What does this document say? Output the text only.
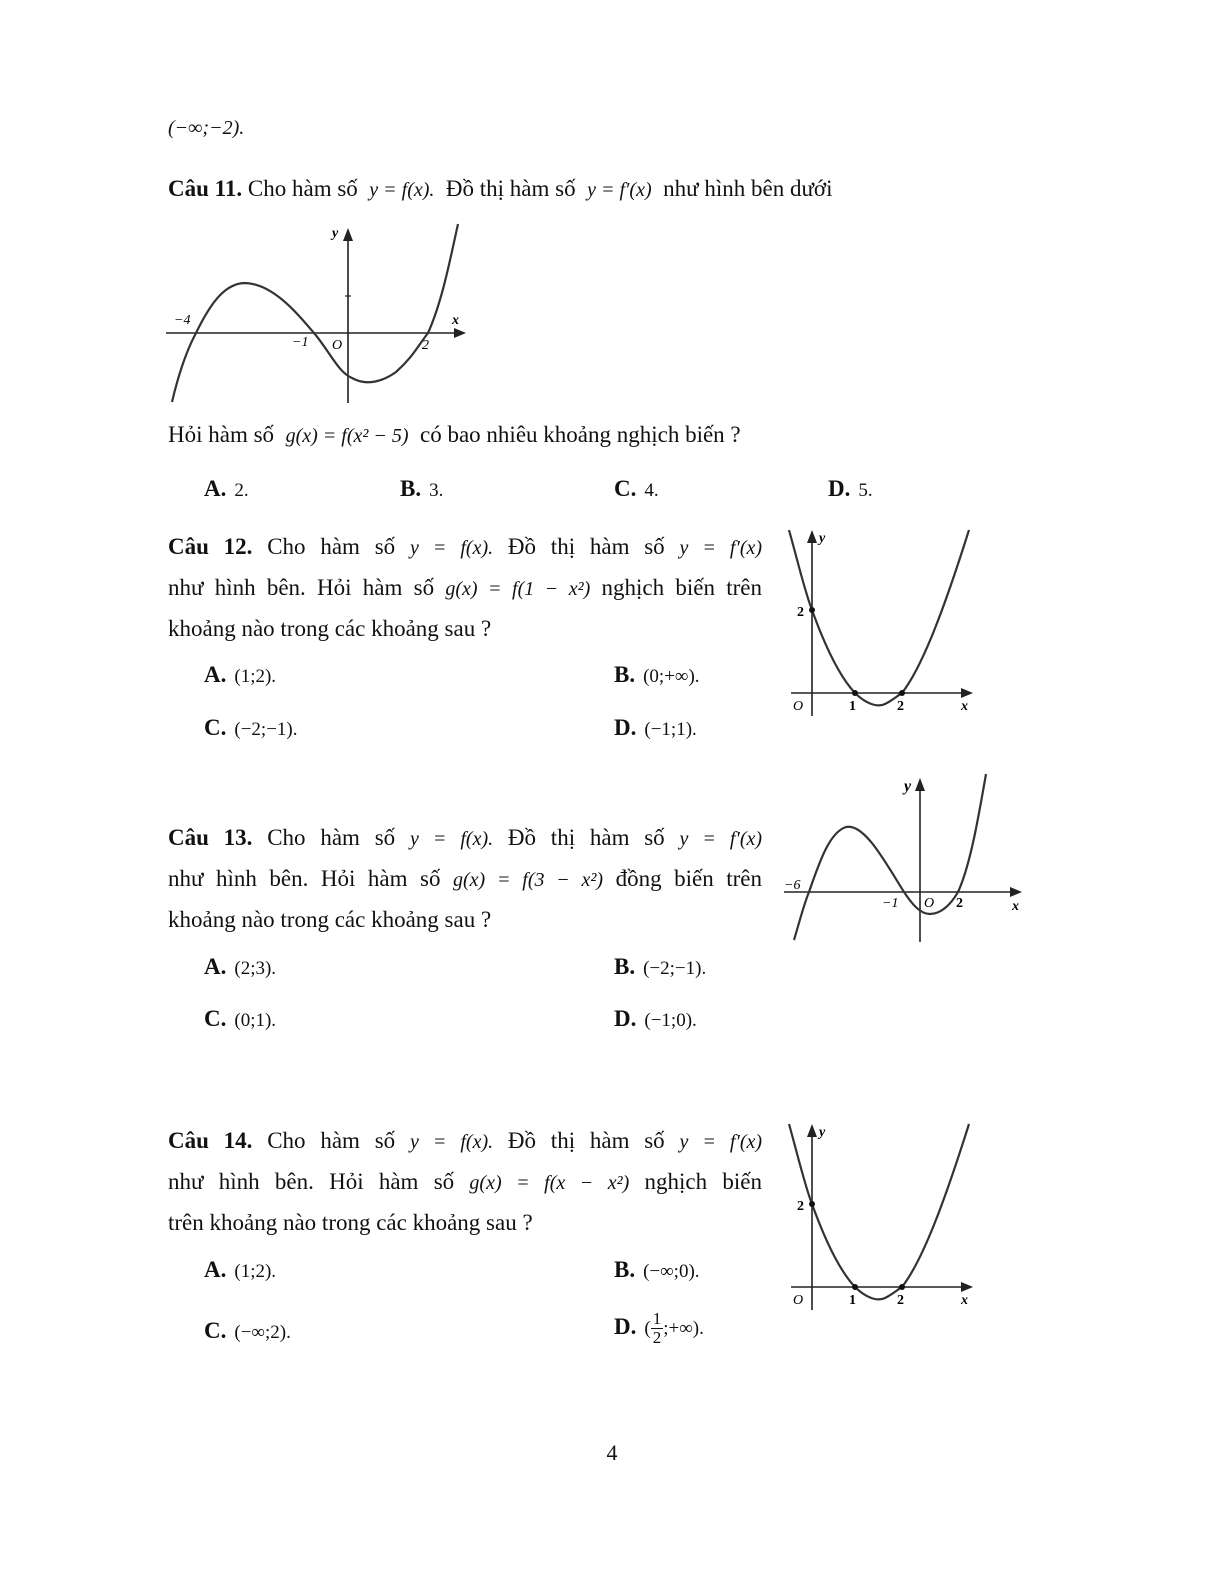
(−∞;−2).
Câu 11. Cho hàm số y = f(x). Đồ thị hàm số y = f′(x) như hình bên dưới
−4
−1 O	2
y
x
Hỏi hàm số g(x) = f(x² − 5) có bao nhiêu khoảng nghịch biến ?
A. 2.	B. 3.	C. 4.	D. 5.
Câu 12. Cho hàm số y = f(x). Đồ thị hàm số y = f′(x)
như hình bên. Hỏi hàm số g(x) = f(1 − x²) nghịch biến trên
khoảng nào trong các khoảng sau ?
2
O	1	2	x
y
A. (1;2).	B. (0;+∞).
C. (−2;−1).	D. (−1;1).
Câu 13. Cho hàm số y = f(x). Đồ thị hàm số y = f′(x)
như hình bên. Hỏi hàm số g(x) = f(3 − x²) đồng biến trên
khoảng nào trong các khoảng sau ?
−6
−1 O 2
y
x
A. (2;3).	B. (−2;−1).
C. (0;1).	D. (−1;0).
Câu 14. Cho hàm số y = f(x). Đồ thị hàm số y = f′(x)
như hình bên. Hỏi hàm số g(x) = f(x − x²) nghịch biến
trên khoảng nào trong các khoảng sau ?
2
O	1	2	x
y
A. (1;2).	B. (−∞;0).
C. (−∞;2).	D. ( $\frac{1}{2}$ ;+∞).
4
